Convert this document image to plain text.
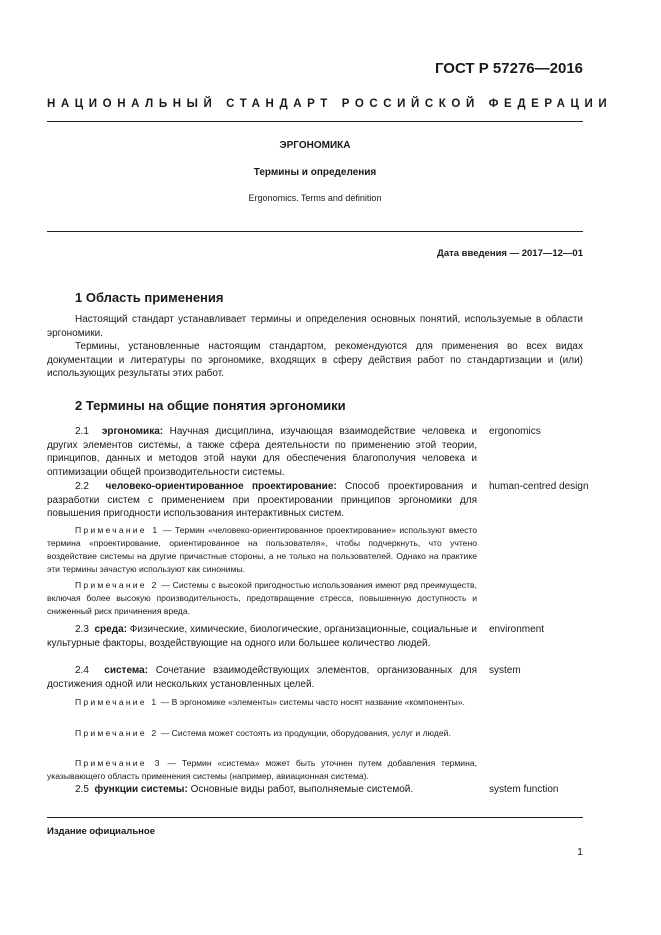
ГОСТ Р 57276—2016
НАЦИОНАЛЬНЫЙ СТАНДАРТ РОССИЙСКОЙ ФЕДЕРАЦИИ
ЭРГОНОМИКА
Термины и определения
Ergonomics. Terms and definition
Дата введения — 2017—12—01
1 Область применения
Настоящий стандарт устанавливает термины и определения основных понятий, используемые в области эргономики.
Термины, установленные настоящим стандартом, рекомендуются для применения во всех видах документации и литературы по эргономике, входящих в сферу действия работ по стандартизации и (или) использующих результаты этих работ.
2 Термины на общие понятия эргономики
2.1 эргономика: Научная дисциплина, изучающая взаимодействие человека и других элементов системы, а также сфера деятельности по применению этой теории, принципов, данных и методов этой науки для обеспечения благополучия человека и оптимизации общей производительности системы.
ergonomics
2.2 человеко-ориентированное проектирование: Способ проектирования и разработки систем с применением при проектировании принципов эргономики для повышения пригодности использования интерактивных систем.
human-centred design
Примечание 1 — Термин «человеко-ориентированное проектирование» используют вместо термина «проектирование, ориентированное на пользователя», чтобы подчеркнуть, что учтено воздействие системы на другие причастные стороны, а не только на пользователей. Однако на практике эти термины зачастую используют как синонимы.
Примечание 2 — Системы с высокой пригодностью использования имеют ряд преимуществ, включая более высокую производительность, предотвращение стресса, повышенную доступность и сниженный риск причинения вреда.
2.3 среда: Физические, химические, биологические, организационные, социальные и культурные факторы, воздействующие на одного или большее количество людей.
environment
2.4 система: Сочетание взаимодействующих элементов, организованных для достижения одной или нескольких установленных целей.
system
Примечание 1 — В эргономике «элементы» системы часто носят название «компоненты».
Примечание 2 — Система может состоять из продукции, оборудования, услуг и людей.
Примечание 3 — Термин «система» может быть уточнен путем добавления термина, указывающего область применения системы (например, авиационная система).
2.5 функции системы: Основные виды работ, выполняемые системой.	system function
Издание официальное
1
